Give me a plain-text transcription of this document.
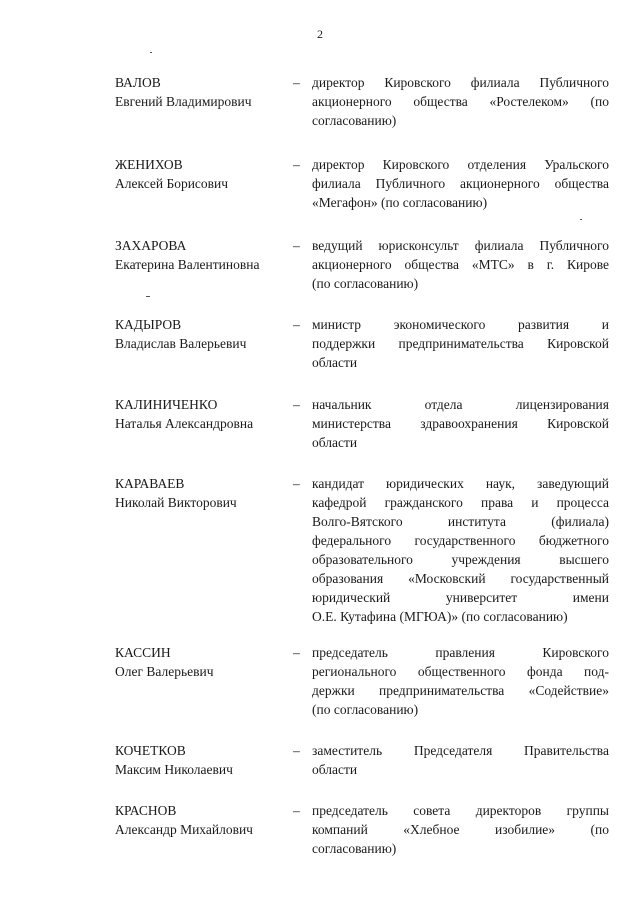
2
ВАЛОВ
Евгений Владимирович
– директор Кировского филиала Публичного
акционерного общества «Ростелеком» (по
согласованию)
ЖЕНИХОВ
Алексей Борисович
– директор Кировского отделения Уральского
филиала Публичного акционерного общества
«Мегафон» (по согласованию)
ЗАХАРОВА
Екатерина Валентиновна
– ведущий юрисконсульт филиала Публичного
акционерного общества «МТС» в г. Кирове
(по согласованию)
КАДЫРОВ
Владислав Валерьевич
– министр экономического развития и
поддержки предпринимательства Кировской
области
КАЛИНИЧЕНКО
Наталья Александровна
– начальник отдела лицензирования
министерства здравоохранения Кировской
области
КАРАВАЕВ
Николай Викторович
– кандидат юридических наук, заведующий
кафедрой гражданского права и процесса
Волго-Вятского института (филиала)
федерального государственного бюджетного
образовательного учреждения высшего
образования «Московский государственный
юридический университет имени
О.Е. Кутафина (МГЮА)» (по согласованию)
КАССИН
Олег Валерьевич
– председатель правления Кировского
регионального общественного фонда под-
держки предпринимательства «Содействие»
(по согласованию)
КОЧЕТКОВ
Максим Николаевич
– заместитель Председателя Правительства
области
КРАСНОВ
Александр Михайлович
– председатель совета директоров группы
компаний «Хлебное изобилие» (по
согласованию)
